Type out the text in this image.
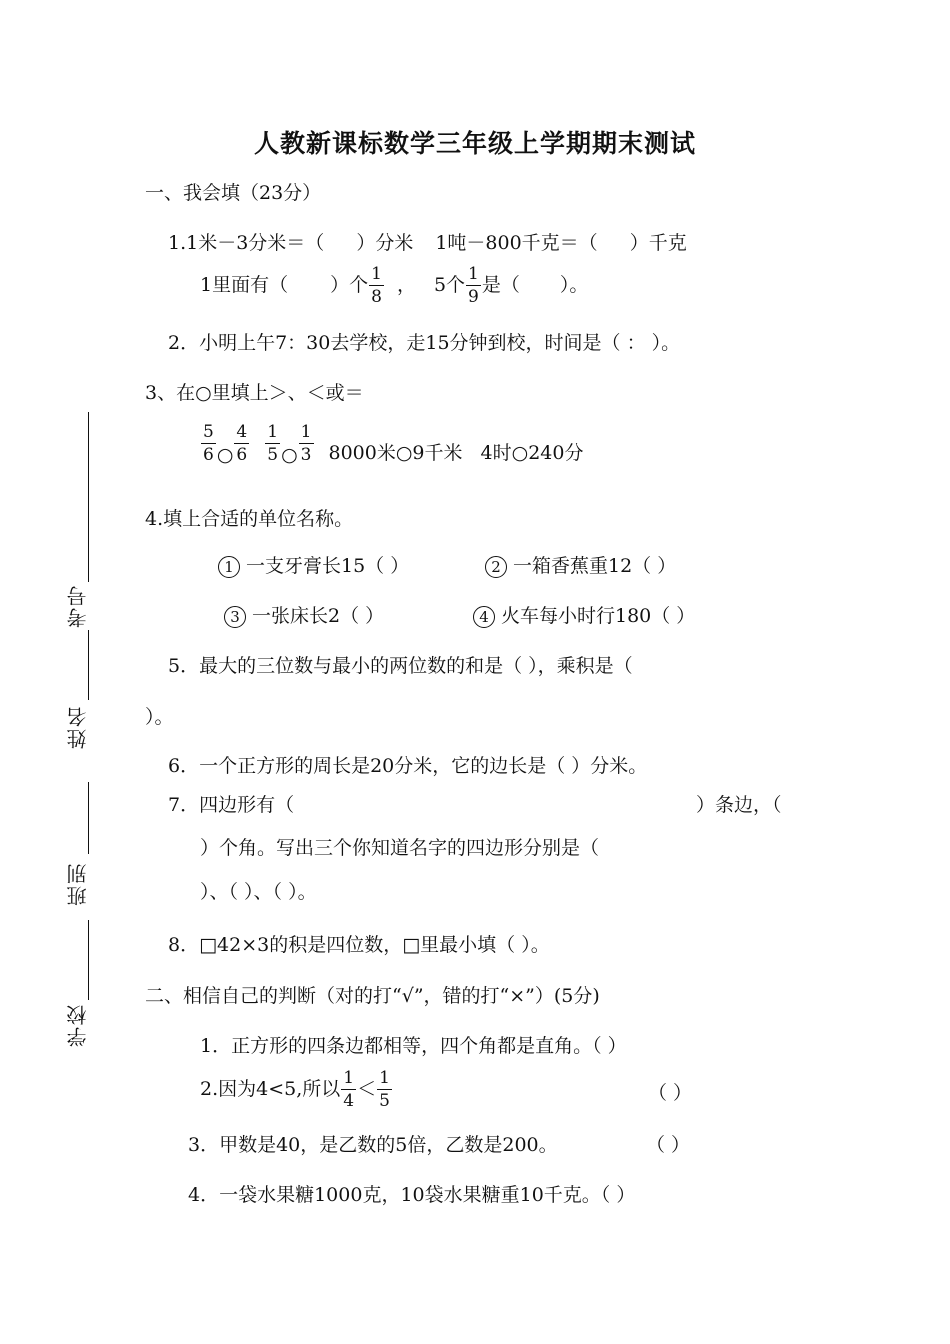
人教新课标数学三年级上学期期末测试
考号
姓名
班别
学校
一、我会填（23分）
1.1米－3分米＝（ ）分米 1吨－800千克＝（ ）千克
1里面有（ ）个 $\frac{1}{8}$ ， 5个 $\frac{1}{9}$ 是（ ）。
2．小明上午7：30去学校，走15分钟到校，时间是（ ： ）。
3、在○里填上＞、＜或＝
$\frac{5}{6}$ ○ $\frac{4}{6} \frac{1}{5}$ ○ $\frac{1}{3} 8000$米○9千米 4时○240分
4.填上合适的单位名称。
1 一支牙膏长15（ ）	2 一箱香蕉重12（ ）
3 一张床长2（ ）	4 火车每小时行180（ ）
5．最大的三位数与最小的两位数的和是（ ），乘积是（
）。
6．一个正方形的周长是20分米，它的边长是（ ）分米。
7．四边形有（	）条边，（
）个角。写出三个你知道名字的四边形分别是（
）、（ ）、（ ）。
8．□42×3的积是四位数，□里最小填（ ）。
二、相信自己的判断（对的打“√”，错的打“×”）(5分)
1．正方形的四条边都相等，四个角都是直角。（ ）
2.因为4<5,所以 $\frac{1}{4} < \frac{1}{5}$	（ ）
3．甲数是40，是乙数的5倍，乙数是200。	（ ）
4．一袋水果糖1000克，10袋水果糖重10千克。（ ）
